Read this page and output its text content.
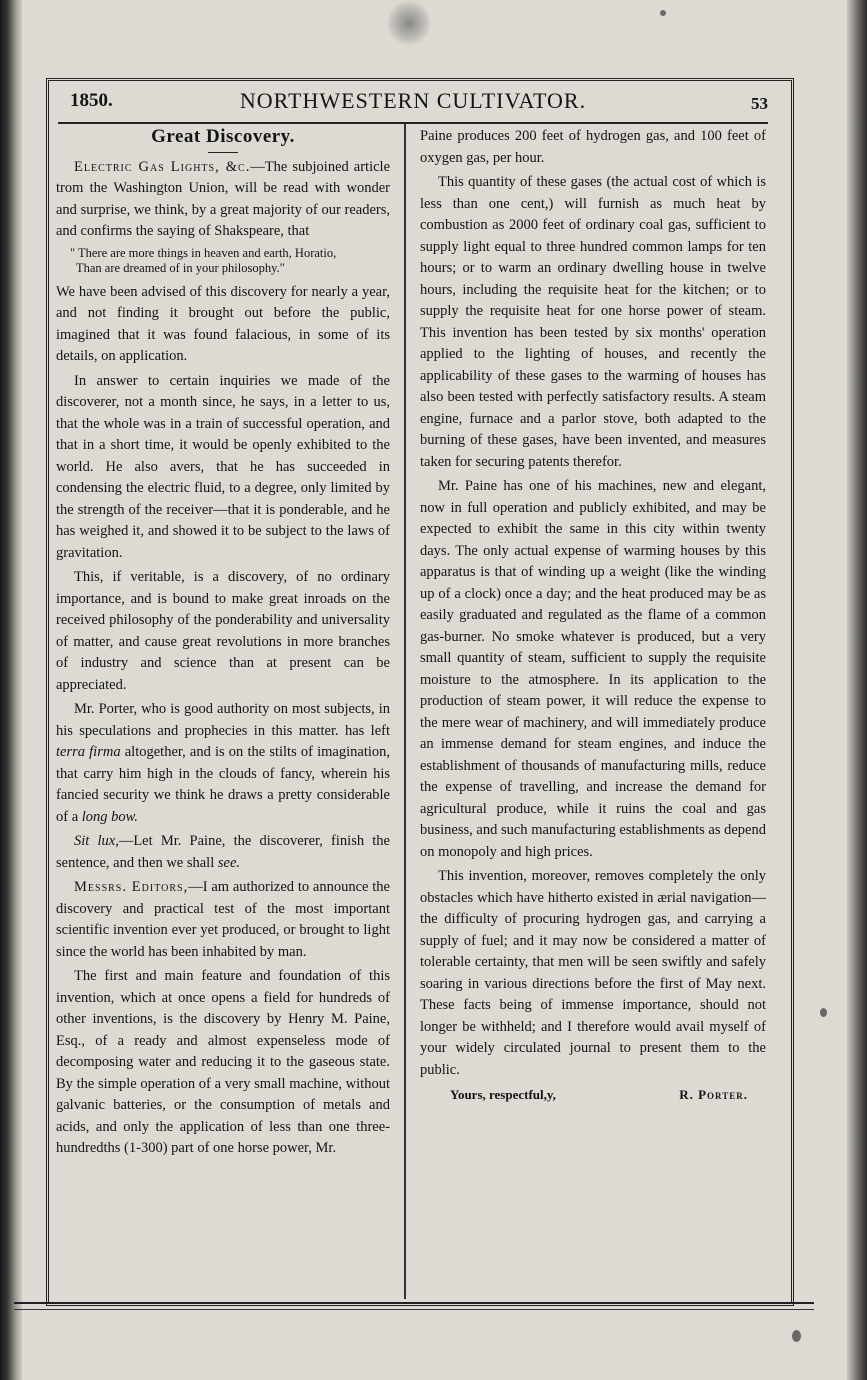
1850.	NORTHWESTERN CULTIVATOR.	53
Great Discovery.

Electric Gas Lights, &c.—The subjoined article trom the Washington Union, will be read with wonder and surprise, we think, by a great majority of our readers, and confirms the saying of Shakspeare, that

" There are more things in heaven and earth, Horatio,
Than are dreamed of in your philosophy."

We have been advised of this discovery for nearly a year, and not finding it brought out before the public, imagined that it was found falacious, in some of its details, on application.

In answer to certain inquiries we made of the discoverer, not a month since, he says, in a letter to us, that the whole was in a train of successful operation, and that in a short time, it would be openly exhibited to the world. He also avers, that he has succeeded in condensing the electric fluid, to a degree, only limited by the strength of the receiver—that it is ponderable, and he has weighed it, and showed it to be subject to the laws of gravitation.

This, if veritable, is a discovery, of no ordinary importance, and is bound to make great inroads on the received philosophy of the ponderability and universality of matter, and cause great revolutions in more branches of industry and science than at present can be appreciated.

Mr. Porter, who is good authority on most subjects, in his speculations and prophecies in this matter. has left terra firma altogether, and is on the stilts of imagination, that carry him high in the clouds of fancy, wherein his fancied security we think he draws a pretty considerable of a long bow.

Sit lux,—Let Mr. Paine, the discoverer, finish the sentence, and then we shall see.

Messrs. Editors,—I am authorized to announce the discovery and practical test of the most important scientific invention ever yet produced, or brought to light since the world has been inhabited by man.

The first and main feature and foundation of this invention, which at once opens a field for hundreds of other inventions, is the discovery by Henry M. Paine, Esq., of a ready and almost expenseless mode of decomposing water and reducing it to the gaseous state. By the simple operation of a very small machine, without galvanic batteries, or the consumption of metals and acids, and only the application of less than one three-hundredths (1-300) part of one horse power, Mr.

Paine produces 200 feet of hydrogen gas, and 100 feet of oxygen gas, per hour.

This quantity of these gases (the actual cost of which is less than one cent,) will furnish as much heat by combustion as 2000 feet of ordinary coal gas, sufficient to supply light equal to three hundred common lamps for ten hours; or to warm an ordinary dwelling house in twelve hours, including the requisite heat for the kitchen; or to supply the requisite heat for one horse power of steam. This invention has been tested by six months' operation applied to the lighting of houses, and recently the applicability of these gases to the warming of houses has also been tested with perfectly satisfactory results. A steam engine, furnace and a parlor stove, both adapted to the burning of these gases, have been invented, and measures taken for securing patents therefor.

Mr. Paine has one of his machines, new and elegant, now in full operation and publicly exhibited, and may be expected to exhibit the same in this city within twenty days. The only actual expense of warming houses by this apparatus is that of winding up a weight (like the winding up of a clock) once a day; and the heat produced may be as easily graduated and regulated as the flame of a common gas-burner. No smoke whatever is produced, but a very small quantity of steam, sufficient to supply the requisite moisture to the atmosphere. In its application to the production of steam power, it will reduce the expense to the mere wear of machinery, and will immediately produce an immense demand for steam engines, and induce the establishment of thousands of manufacturing mills, reduce the expense of travelling, and increase the demand for agricultural produce, while it ruins the coal and gas business, and such manufacturing establishments as depend on monopoly and high prices.

This invention, moreover, removes completely the only obstacles which have hitherto existed in ærial navigation—the difficulty of procuring hydrogen gas, and carrying a supply of fuel; and it may now be considered a matter of tolerable certainty, that men will be seen swiftly and safely soaring in various directions before the first of May next. These facts being of immense importance, should not longer be withheld; and I therefore would avail myself of your widely circulated journal to present them to the public.

Yours, respectful,y,	R. Porter.
